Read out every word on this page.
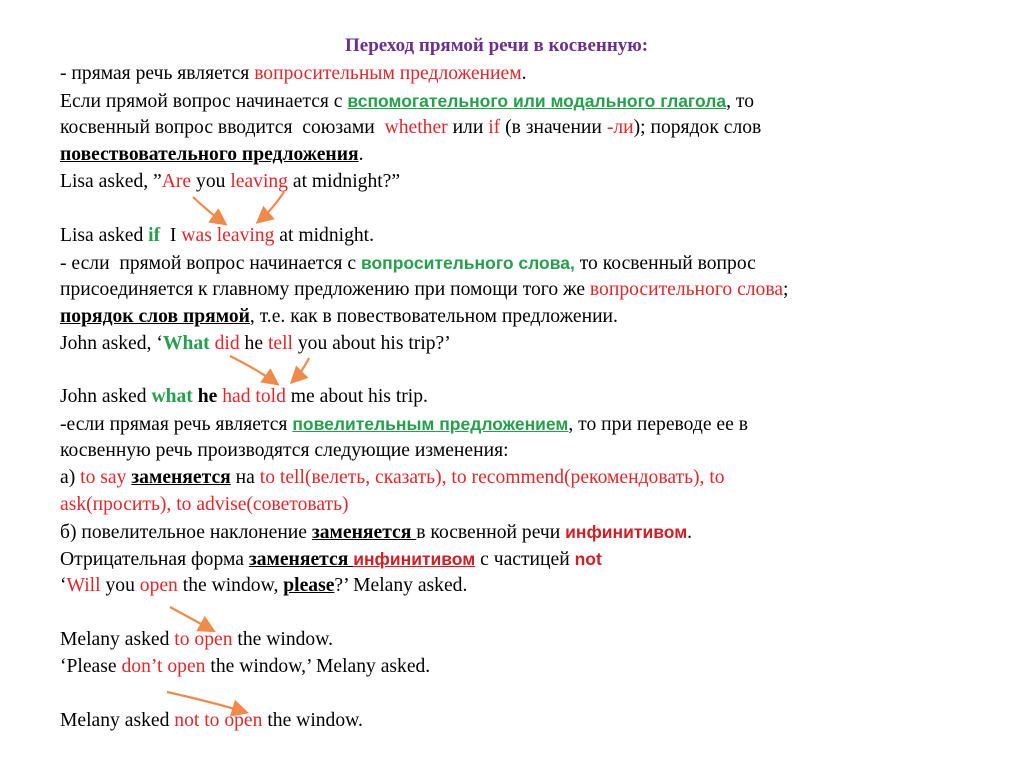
Переход прямой речи в косвенную:

- прямая речь является вопросительным предложением.

Если прямой вопрос начинается с вспомогательного или модального глагола, то

косвенный вопрос вводится  союзами  whether или if (в значении -ли); порядок слов

повествовательного предложения.

Lisa asked, ”Are you leaving at midnight?”

Lisa asked if  I was leaving at midnight.

- если  прямой вопрос начинается с вопросительного слова, то косвенный вопрос

присоединяется к главному предложению при помощи того же вопросительного слова;

порядок слов прямой, т.е. как в повествовательном предложении.

John asked, ‘What did he tell you about his trip?’

John asked what he had told me about his trip.

-если прямая речь является повелительным предложением, то при переводе ее в

косвенную речь производятся следующие изменения:

а) to say заменяется на to tell(велеть, сказать), to recommend(рекомендовать), to

ask(просить), to advise(советовать)

б) повелительное наклонение заменяется в косвенной речи инфинитивом.

Отрицательная форма заменяется инфинитивом с частицей not

‘Will you open the window, please?’ Melany asked.

Melany asked to open the window.

‘Please don’t open the window,’ Melany asked.

Melany asked not to open the window.
